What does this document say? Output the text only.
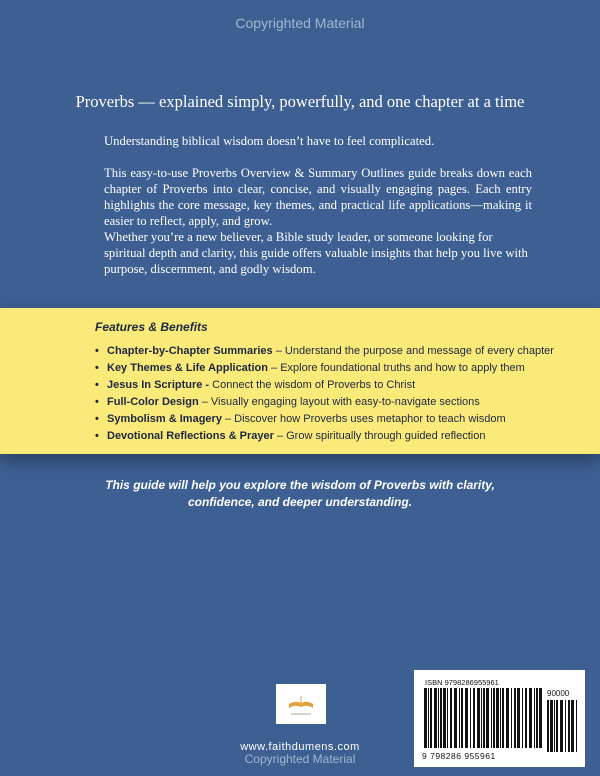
Copyrighted Material
Proverbs — explained simply, powerfully, and one chapter at a time
Understanding biblical wisdom doesn’t have to feel complicated.
This easy-to-use Proverbs Overview & Summary Outlines guide breaks down each chapter of Proverbs into clear, concise, and visually engaging pages. Each entry highlights the core message, key themes, and practical life applications—making it easier to reflect, apply, and grow.
Whether you’re a new believer, a Bible study leader, or someone looking for spiritual depth and clarity, this guide offers valuable insights that help you live with purpose, discernment, and godly wisdom.
Features & Benefits
• Chapter-by-Chapter Summaries – Understand the purpose and message of every chapter
• Key Themes & Life Application – Explore foundational truths and how to apply them
• Jesus In Scripture - Connect the wisdom of Proverbs to Christ
• Full-Color Design – Visually engaging layout with easy-to-navigate sections
• Symbolism & Imagery – Discover how Proverbs uses metaphor to teach wisdom
• Devotional Reflections & Prayer – Grow spiritually through guided reflection
This guide will help you explore the wisdom of Proverbs with clarity,
confidence, and deeper understanding.
ISBN 9798286955961
90000
9 798286 955961
www.faithdumens.com
Copyrighted Material
